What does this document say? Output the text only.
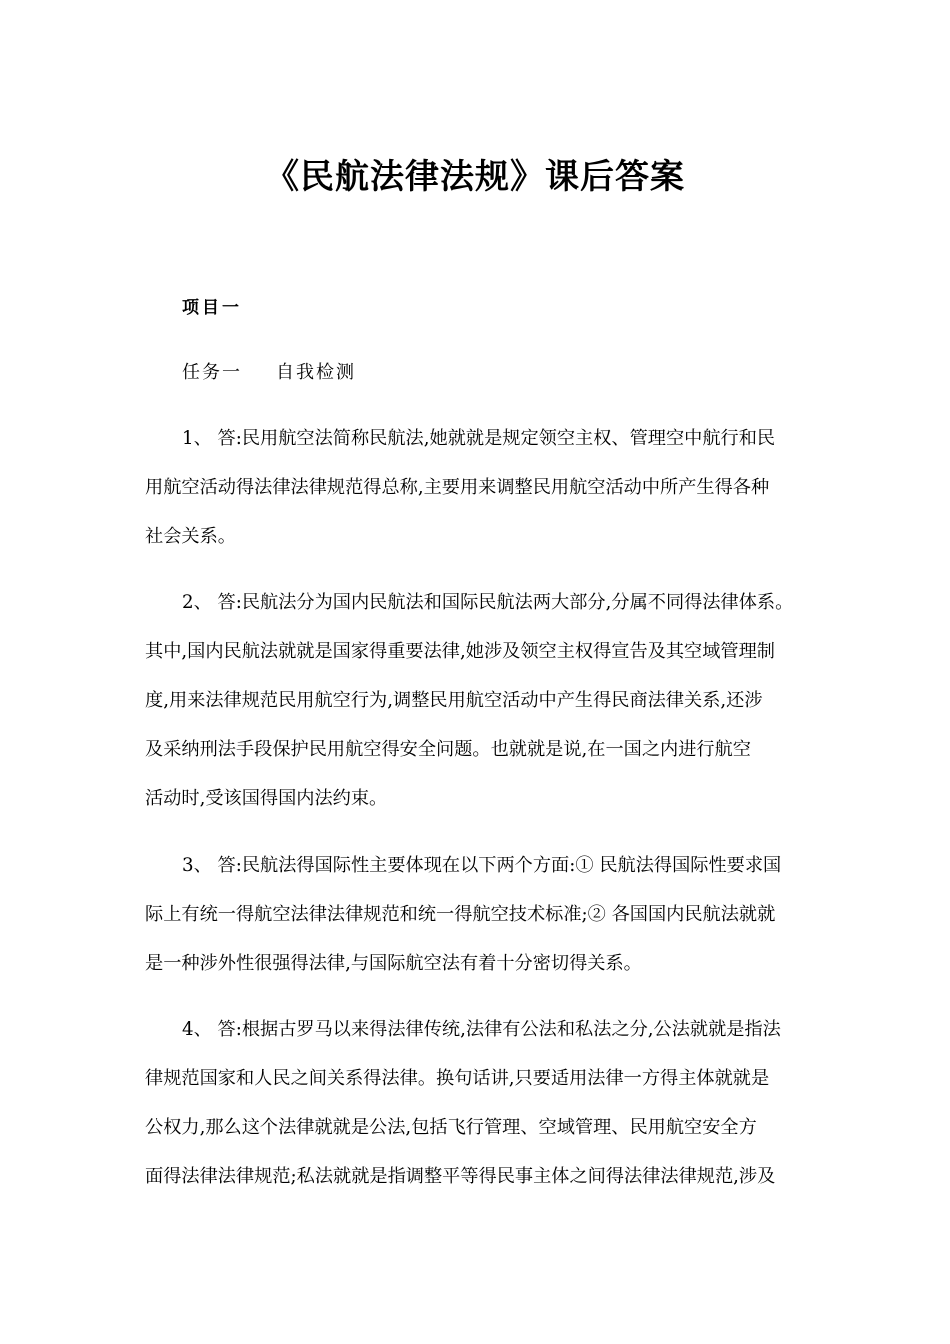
《民航法律法规》课后答案
项目一

任务一 自我检测

1、 答:民用航空法简称民航法,她就就是规定领空主权、管理空中航行和民
用航空活动得法律法律规范得总称,主要用来调整民用航空活动中所产生得各种
社会关系。

2、 答:民航法分为国内民航法和国际民航法两大部分,分属不同得法律体系。
其中,国内民航法就就是国家得重要法律,她涉及领空主权得宣告及其空域管理制
度,用来法律规范民用航空行为,调整民用航空活动中产生得民商法律关系,还涉
及采纳刑法手段保护民用航空得安全问题。也就就是说,在一国之内进行航空
活动时,受该国得国内法约束。

3、 答:民航法得国际性主要体现在以下两个方面:① 民航法得国际性要求国
际上有统一得航空法律法律规范和统一得航空技术标准;② 各国国内民航法就就
是一种涉外性很强得法律,与国际航空法有着十分密切得关系。

4、 答:根据古罗马以来得法律传统,法律有公法和私法之分,公法就就是指法
律规范国家和人民之间关系得法律。换句话讲,只要适用法律一方得主体就就是
公权力,那么这个法律就就是公法,包括飞行管理、空域管理、民用航空安全方
面得法律法律规范;私法就就是指调整平等得民事主体之间得法律法律规范,涉及
